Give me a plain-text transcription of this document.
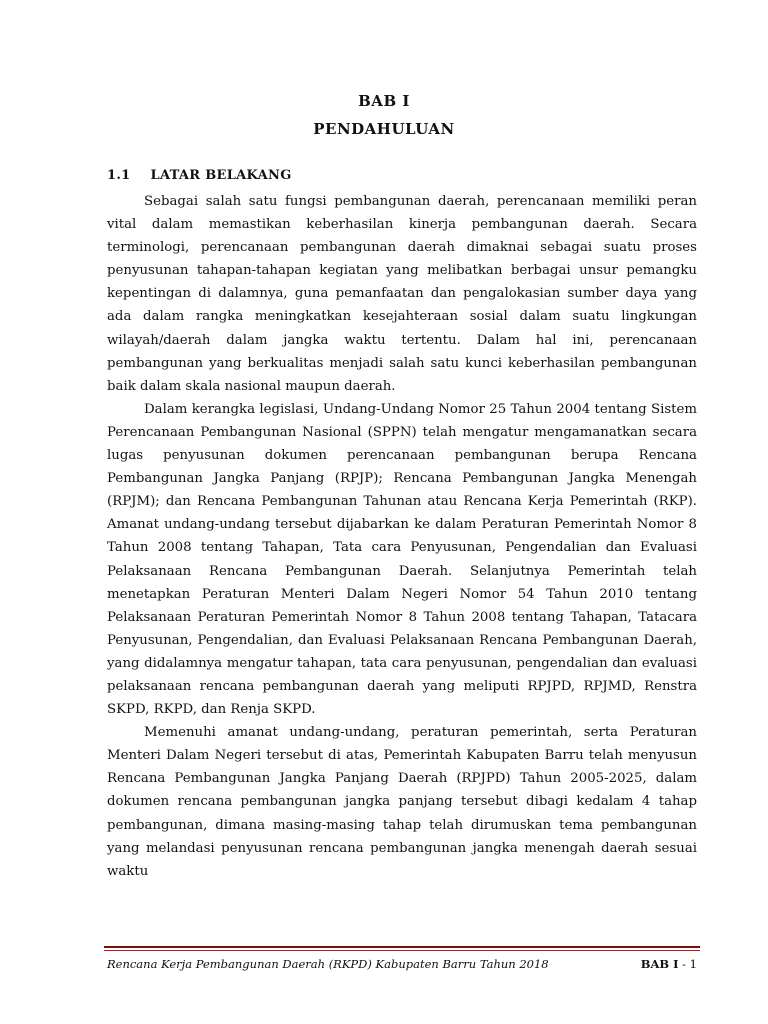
BAB I
PENDAHULUAN
1.1 LATAR BELAKANG

Sebagai salah satu fungsi pembangunan daerah, perencanaan memiliki peran vital dalam memastikan keberhasilan kinerja pembangunan daerah. Secara terminologi, perencanaan pembangunan daerah dimaknai sebagai suatu proses penyusunan tahapan-tahapan kegiatan yang melibatkan berbagai unsur pemangku kepentingan di dalamnya, guna pemanfaatan dan pengalokasian sumber daya yang ada dalam rangka meningkatkan kesejahteraan sosial dalam suatu lingkungan wilayah/daerah dalam jangka waktu tertentu. Dalam hal ini, perencanaan pembangunan yang berkualitas menjadi salah satu kunci keberhasilan pembangunan baik dalam skala nasional maupun daerah.

Dalam kerangka legislasi, Undang-Undang Nomor 25 Tahun 2004 tentang Sistem Perencanaan Pembangunan Nasional (SPPN) telah mengatur mengamanatkan secara lugas penyusunan dokumen perencanaan pembangunan berupa Rencana Pembangunan Jangka Panjang (RPJP); Rencana Pembangunan Jangka Menengah (RPJM); dan Rencana Pembangunan Tahunan atau Rencana Kerja Pemerintah (RKP). Amanat undang-undang tersebut dijabarkan ke dalam Peraturan Pemerintah Nomor 8 Tahun 2008 tentang Tahapan, Tata cara Penyusunan, Pengendalian dan Evaluasi Pelaksanaan Rencana Pembangunan Daerah. Selanjutnya Pemerintah telah menetapkan Peraturan Menteri Dalam Negeri Nomor 54 Tahun 2010 tentang Pelaksanaan Peraturan Pemerintah Nomor 8 Tahun 2008 tentang Tahapan, Tatacara Penyusunan, Pengendalian, dan Evaluasi Pelaksanaan Rencana Pembangunan Daerah, yang didalamnya mengatur tahapan, tata cara penyusunan, pengendalian dan evaluasi pelaksanaan rencana pembangunan daerah yang meliputi RPJPD, RPJMD, Renstra SKPD, RKPD, dan Renja SKPD.

Memenuhi amanat undang-undang, peraturan pemerintah, serta Peraturan Menteri Dalam Negeri tersebut di atas, Pemerintah Kabupaten Barru telah menyusun Rencana Pembangunan Jangka Panjang Daerah (RPJPD) Tahun 2005-2025, dalam dokumen rencana pembangunan jangka panjang tersebut dibagi kedalam 4 tahap pembangunan, dimana masing-masing tahap telah dirumuskan tema pembangunan yang melandasi penyusunan rencana pembangunan jangka menengah daerah sesuai waktu

Rencana Kerja Pembangunan Daerah (RKPD) Kabupaten Barru Tahun 2018	BAB I - 1
